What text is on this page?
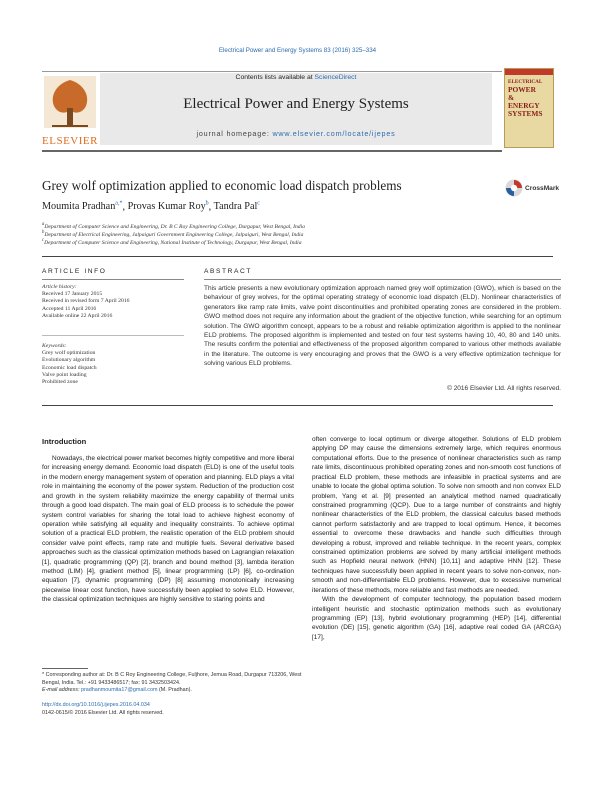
Electrical Power and Energy Systems 83 (2016) 325–334
ELSEVIER
Contents lists available at ScienceDirect
Electrical Power and Energy Systems
journal homepage: www.elsevier.com/locate/ijepes
ELECTRICAL
POWER
&
ENERGY
SYSTEMS
Grey wolf optimization applied to economic load dispatch problems	CrossMark
Moumita Pradhan$^{a,*}$, Provas Kumar Roy$^b$, Tandra Pal$^c$
$^a$Department of Computer Science and Engineering, Dr. B C Roy Engineering College, Durgapur, West Bengal, India
$^b$Department of Electrical Engineering, Jalpaiguri Government Engineering College, Jalpaiguri, West Bengal, India
$^c$Department of Computer Science and Engineering, National Institute of Technology, Durgapur, West Bengal, India
ARTICLE INFO	ABSTRACT
Article history:
Received 17 January 2015
Received in revised form 7 April 2016
Accepted 11 April 2016
Available online 22 April 2016
Keywords:
Grey wolf optimization
Evolutionary algorithm
Economic load dispatch
Valve point loading
Prohibited zone
This article presents a new evolutionary optimization approach named grey wolf optimization (GWO), which is based on the behaviour of grey wolves, for the optimal operating strategy of economic load dispatch (ELD). Nonlinear characteristics of generators like ramp rate limits, valve point discontinuities and prohibited operating zones are considered in the problem. GWO method does not require any information about the gradient of the objective function, while searching for an optimum solution. The GWO algorithm concept, appears to be a robust and reliable optimization algorithm is applied to the nonlinear ELD problems. The proposed algorithm is implemented and tested on four test systems having 10, 40, 80 and 140 units. The results confirm the potential and effectiveness of the proposed algorithm compared to various other methods available in the literature. The outcome is very encouraging and proves that the GWO is a very effective optimization technique for solving various ELD problems.
© 2016 Elsevier Ltd. All rights reserved.
Introduction
Nowadays, the electrical power market becomes highly competitive and more liberal for increasing energy demand. Economic load dispatch (ELD) is one of the useful tools in the modern energy management system of operation and planning. ELD plays a vital role in maintaining the economy of the power system. Reduction of the production cost and growth in the system reliability maximize the energy capability of thermal units through a good load dispatch. The main goal of ELD process is to schedule the power system control variables for sharing the total load to achieve highest economy of operation while satisfying all equality and inequality constraints. To achieve optimal solution of a practical ELD problem, the realistic operation of the ELD problem should consider valve point effects, ramp rate and multiple fuels. Several derivative based approaches such as the classical optimization methods based on Lagrangian relaxation [1], quadratic programming (QP) [2], branch and bound method [3], lambda iteration method (LIM) [4], gradient method [5], linear programming (LP) [6], co-ordination equation [7], dynamic programming (DP) [8] assuming monotonically increasing piecewise linear cost function, have successfully been applied to solve ELD. However, the classical optimization techniques are highly sensitive to staring points and
often converge to local optimum or diverge altogether. Solutions of ELD problem applying DP may cause the dimensions extremely large, which requires enormous computational efforts. Due to the presence of nonlinear characteristics such as ramp rate limits, discontinuous prohibited operating zones and non-smooth cost functions of practical ELD problem, these methods are infeasible in practical systems and are unable to locate the global optima solution. To solve non smooth and non convex ELD problem, Yang et al. [9] presented an analytical method named quadratically constrained programming (QCP). Due to a large number of constraints and highly nonlinear characteristics of the ELD problem, the classical calculus based methods cannot perform satisfactorily and are trapped to local optimum. Hence, it becomes essential to overcome these drawbacks and handle such difficulties through developing a robust, improved and reliable technique. In the recent years, complex constrained optimization problems are solved by many artificial intelligent methods such as Hopfield neural network (HNN) [10,11] and adaptive HNN [12]. These techniques have successfully been applied in recent years to solve non-convex, non-smooth and non-differentiable ELD problems. However, due to excessive numerical iterations of these methods, more reliable and fast methods are needed.
With the development of computer technology, the population based modern intelligent heuristic and stochastic optimization methods such as evolutionary programming (EP) [13], hybrid evolutionary programming (HEP) [14], differential evolution (DE) [15], genetic algorithm (GA) [16], adaptive real coded GA (ARCGA) [17],
* Corresponding author at: Dr. B C Roy Engineering College, Fuljhore, Jemua Road, Durgapur 713206, West Bengal, India. Tel.: +91 9433486517; fax: 91 3432503424.
E-mail address: pradhanmoumita17@gmail.com (M. Pradhan).
http://dx.doi.org/10.1016/j.ijepes.2016.04.034
0142-0615/© 2016 Elsevier Ltd. All rights reserved.
